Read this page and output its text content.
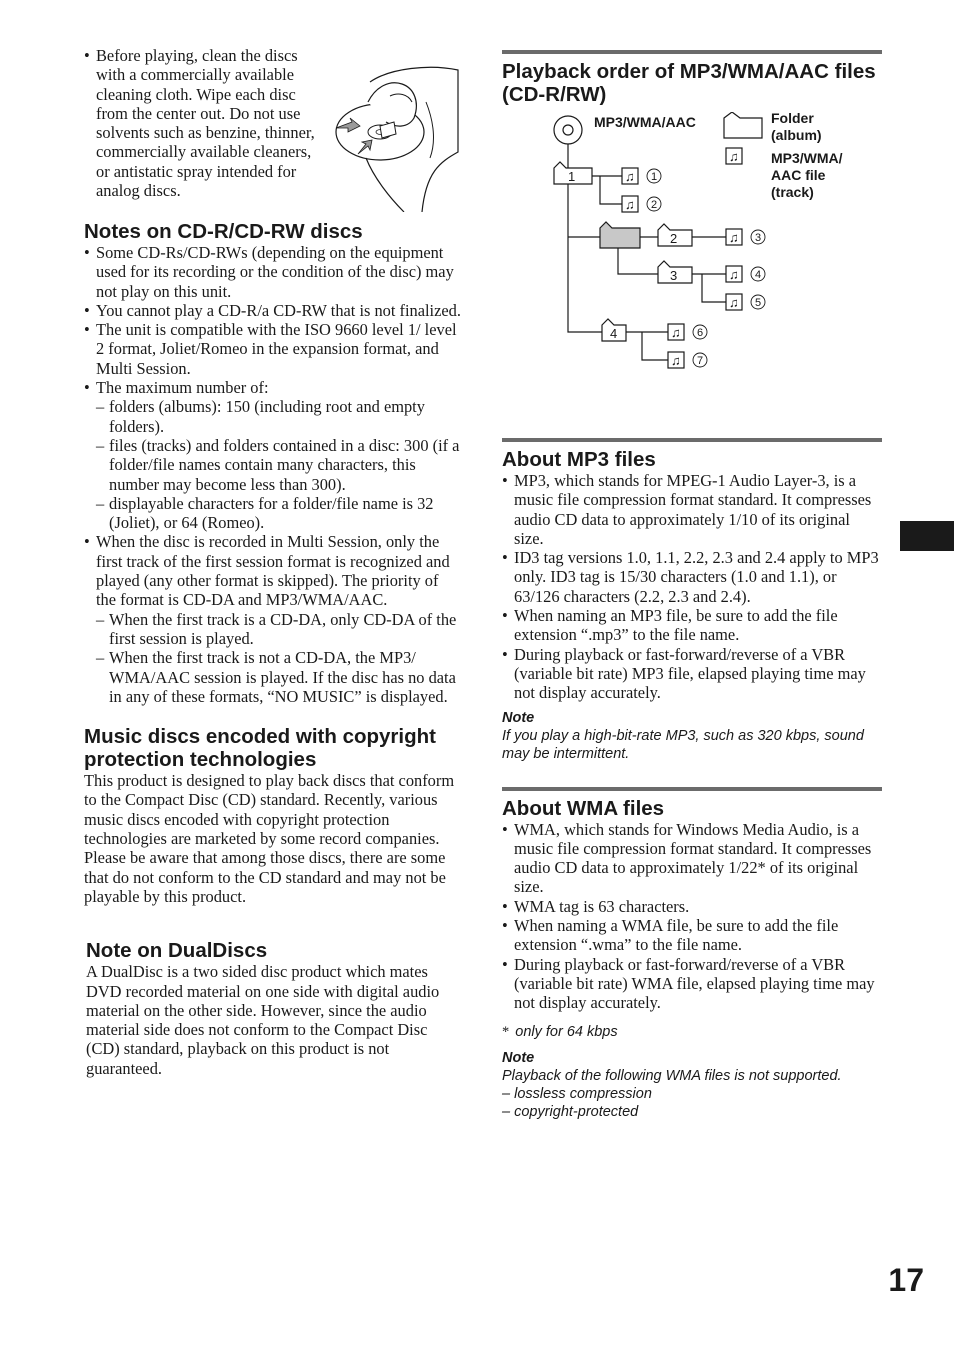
• Before playing, clean the discs with a commercially available cleaning cloth. Wipe each disc from the center out. Do not use solvents such as benzine, thinner, commercially available cleaners, or antistatic spray intended for analog discs.
Notes on CD-R/CD-RW discs
• Some CD-Rs/CD-RWs (depending on the equipment used for its recording or the condition of the disc) may not play on this unit.
• You cannot play a CD-R/a CD-RW that is not finalized.
• The unit is compatible with the ISO 9660 level 1/ level 2 format, Joliet/Romeo in the expansion format, and Multi Session.
• The maximum number of:
– folders (albums): 150 (including root and empty folders).
– files (tracks) and folders contained in a disc: 300 (if a folder/file names contain many characters, this number may become less than 300).
– displayable characters for a folder/file name is 32 (Joliet), or 64 (Romeo).
• When the disc is recorded in Multi Session, only the first track of the first session format is recognized and played (any other format is skipped). The priority of the format is CD-DA and MP3/WMA/AAC.
– When the first track is a CD-DA, only CD-DA of the first session is played.
– When the first track is not a CD-DA, the MP3/ WMA/AAC session is played. If the disc has no data in any of these formats, “NO MUSIC” is displayed.
Music discs encoded with copyright protection technologies

This product is designed to play back discs that conform to the Compact Disc (CD) standard. Recently, various music discs encoded with copyright protection technologies are marketed by some record companies. Please be aware that among those discs, there are some that do not conform to the CD standard and may not be playable by this product.

Note on DualDiscs

A DualDisc is a two sided disc product which mates DVD recorded material on one side with digital audio material on the other side. However, since the audio material side does not conform to the Compact Disc (CD) standard, playback on this product is not guaranteed.

Playback order of MP3/WMA/AAC files (CD-R/RW)
♫
1
2
3
4
♫ 1
♫ 2
♫ 3
♫ 4
♫ 5
♫ 6
♫ 7
MP3/WMA/AAC	Folder (album)
MP3/WMA/ AAC file (track)
About MP3 files
• MP3, which stands for MPEG-1 Audio Layer-3, is a music file compression format standard. It compresses audio CD data to approximately 1/10 of its original size.
• ID3 tag versions 1.0, 1.1, 2.2, 2.3 and 2.4 apply to MP3 only. ID3 tag is 15/30 characters (1.0 and 1.1), or 63/126 characters (2.2, 2.3 and 2.4).
• When naming an MP3 file, be sure to add the file extension “.mp3” to the file name.
• During playback or fast-forward/reverse of a VBR (variable bit rate) MP3 file, elapsed playing time may not display accurately.

Note

If you play a high-bit-rate MP3, such as 320 kbps, sound may be intermittent.

About WMA files
• WMA, which stands for Windows Media Audio, is a music file compression format standard. It compresses audio CD data to approximately 1/22* of its original size.
• WMA tag is 63 characters.
• When naming a WMA file, be sure to add the file extension “.wma” to the file name.
• During playback or fast-forward/reverse of a VBR (variable bit rate) WMA file, elapsed playing time may not display accurately.

* only for 64 kbps

Note

Playback of the following WMA files is not supported.

– lossless compression

– copyright-protected

17
